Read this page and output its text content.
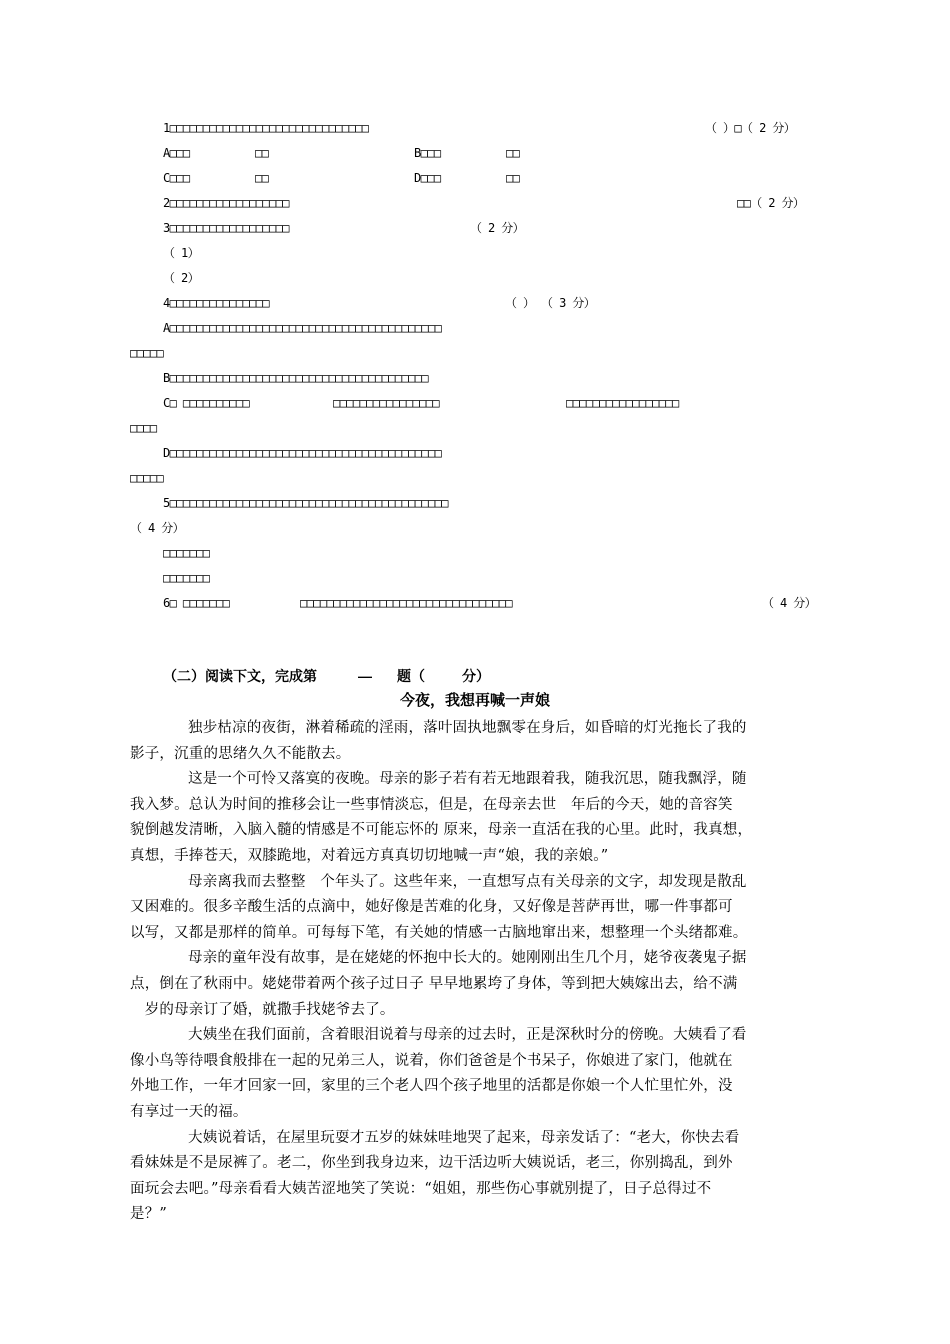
1□□□□□□□□□□□□□□□□□□□□□□□□□□□□□□	（ ）□（ 2 分）
A□□□	□□	B□□□	□□
C□□□	□□	D□□□	□□
2□□□□□□□□□□□□□□□□□□	□□（ 2 分）
3□□□□□□□□□□□□□□□□□□	（ 2 分）
（ 1）
（ 2）
4□□□□□□□□□□□□□□□	（ ） （ 3 分）
A□□□□□□□□□□□□□□□□□□□□□□□□□□□□□□□□□□□□□□□□□
□□□□□
B□□□□□□□□□□□□□□□□□□□□□□□□□□□□□□□□□□□□□□□
C□ □□□□□□□□□□	□□□□□□□□□□□□□□□□	□□□□□□□□□□□□□□□□□
□□□□
D□□□□□□□□□□□□□□□□□□□□□□□□□□□□□□□□□□□□□□□□□
□□□□□
5□□□□□□□□□□□□□□□□□□□□□□□□□□□□□□□□□□□□□□□□□□
（ 4 分）
□□□□□□□
□□□□□□□
6□ □□□□□□□	□□□□□□□□□□□□□□□□□□□□□□□□□□□□□□□□	（ 4 分）
（二）阅读下文，完成第	— 题（	分）
今夜，我想再喊一声娘
独步枯凉的夜街，淋着稀疏的淫雨，落叶固执地飘零在身后，如昏暗的灯光拖长了我的
影子，沉重的思绪久久不能散去。
这是一个可怜又落寞的夜晚。母亲的影子若有若无地跟着我，随我沉思，随我飘浮，随
我入梦。总认为时间的推移会让一些事情淡忘，但是，在母亲去世　年后的今天，她的音容笑
貌倒越发清晰，入脑入髓的情感是不可能忘怀的 原来，母亲一直活在我的心里。此时，我真想，
真想，手捧苍天，双膝跪地，对着远方真真切切地喊一声“娘，我的亲娘。”
母亲离我而去整整　个年头了。这些年来，一直想写点有关母亲的文字，却发现是散乱
又困难的。很多辛酸生活的点滴中，她好像是苦难的化身，又好像是菩萨再世，哪一件事都可
以写，又都是那样的简单。可每每下笔，有关她的情感一古脑地窜出来，想整理一个头绪都难。
母亲的童年没有故事，是在姥姥的怀抱中长大的。她刚刚出生几个月，姥爷夜袭鬼子据
点，倒在了秋雨中。姥姥带着两个孩子过日子 早早地累垮了身体，等到把大姨嫁出去，给不满
　岁的母亲订了婚，就撒手找姥爷去了。
大姨坐在我们面前，含着眼泪说着与母亲的过去时，正是深秋时分的傍晚。大姨看了看
像小鸟等待喂食般排在一起的兄弟三人，说着，你们爸爸是个书呆子，你娘进了家门，他就在
外地工作，一年才回家一回，家里的三个老人四个孩子地里的活都是你娘一个人忙里忙外，没
有享过一天的福。
大姨说着话，在屋里玩耍才五岁的妹妹哇地哭了起来，母亲发话了：“老大，你快去看
看妹妹是不是尿裤了。老二，你坐到我身边来，边干活边听大姨说话，老三，你别捣乱，到外
面玩会去吧。”母亲看看大姨苦涩地笑了笑说：“姐姐，那些伤心事就别提了，日子总得过不
是？”
